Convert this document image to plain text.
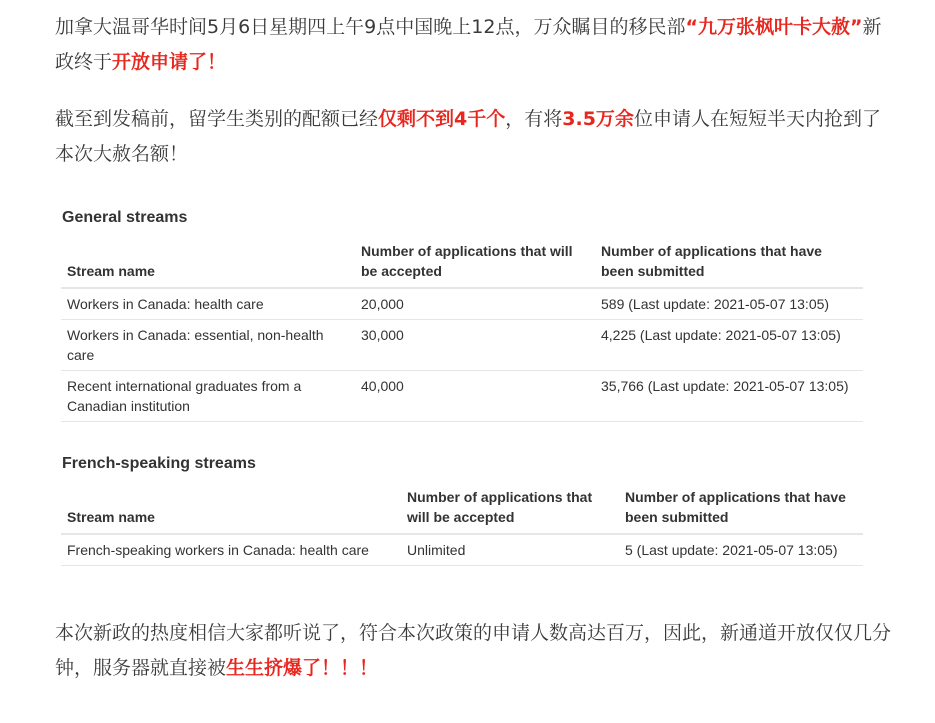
加拿大温哥华时间5月6日星期四上午9点中国晚上12点，万众瞩目的移民部“九万张枫叶卡大赦”新政终于开放申请了！

截至到发稿前，留学生类别的配额已经仅剩不到4千个，有将3.5万余位申请人在短短半天内抢到了本次大赦名额！

General streams
Stream name	Number of applications that will be accepted	Number of applications that have been submitted
Workers in Canada: health care	20,000	589 (Last update: 2021-05-07 13:05)
Workers in Canada: essential, non-health care	30,000	4,225 (Last update: 2021-05-07 13:05)
Recent international graduates from a Canadian institution	40,000	35,766 (Last update: 2021-05-07 13:05)
French-speaking streams
Stream name	Number of applications that will be accepted	Number of applications that have been submitted
French-speaking workers in Canada: health care	Unlimited	5 (Last update: 2021-05-07 13:05)

本次新政的热度相信大家都听说了，符合本次政策的申请人数高达百万，因此，新通道开放仅仅几分钟，服务器就直接被生生挤爆了！！！
